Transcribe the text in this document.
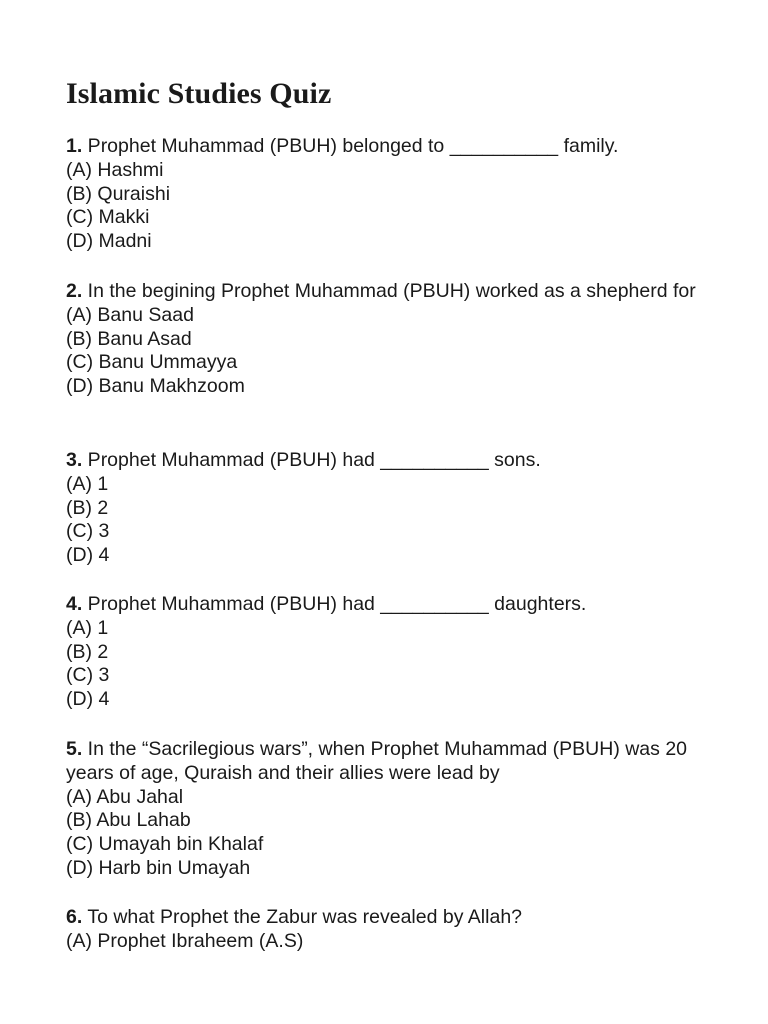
Islamic Studies Quiz

1. Prophet Muhammad (PBUH) belonged to __________ family.

(A) Hashmi
(B) Quraishi
(C) Makki
(D) Madni

2. In the begining Prophet Muhammad (PBUH) worked as a shepherd for

(A) Banu Saad
(B) Banu Asad
(C) Banu Ummayya
(D) Banu Makhzoom

3. Prophet Muhammad (PBUH) had __________ sons.

(A) 1
(B) 2
(C) 3
(D) 4

4. Prophet Muhammad (PBUH) had __________ daughters.

(A) 1
(B) 2
(C) 3
(D) 4

5. In the “Sacrilegious wars”, when Prophet Muhammad (PBUH) was 20 years of age, Quraish and their allies were lead by

(A) Abu Jahal
(B) Abu Lahab
(C) Umayah bin Khalaf
(D) Harb bin Umayah

6. To what Prophet the Zabur was revealed by Allah?

(A) Prophet Ibraheem (A.S)
